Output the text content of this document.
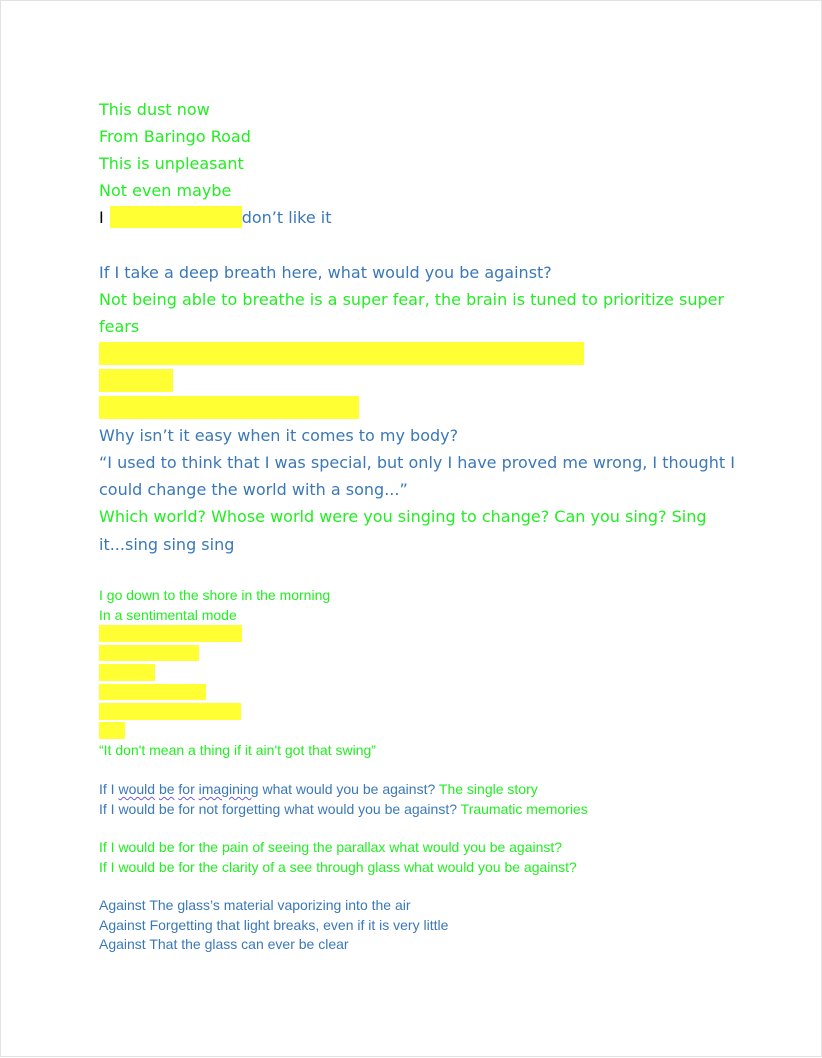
This dust now

From Baringo Road

This is unpleasant

Not even maybe

I	don’t like it

If I take a deep breath here, what would you be against?

Not being able to breathe is a super fear, the brain is tuned to prioritize super

fears

Why isn’t it easy when it comes to my body?

“I used to think that I was special, but only I have proved me wrong, I thought I

could change the world with a song...”

Which world? Whose world were you singing to change? Can you sing? Sing

it...sing sing sing

I go down to the shore in the morning

In a sentimental mode

“It don't mean a thing if it ain't got that swing”

If I would be for imagining what would you be against? The single story

If I would be for not forgetting what would you be against? Traumatic memories

If I would be for the pain of seeing the parallax what would you be against?

If I would be for the clarity of a see through glass what would you be against?

Against The glass’s material vaporizing into the air

Against Forgetting that light breaks, even if it is very little

Against That the glass can ever be clear
